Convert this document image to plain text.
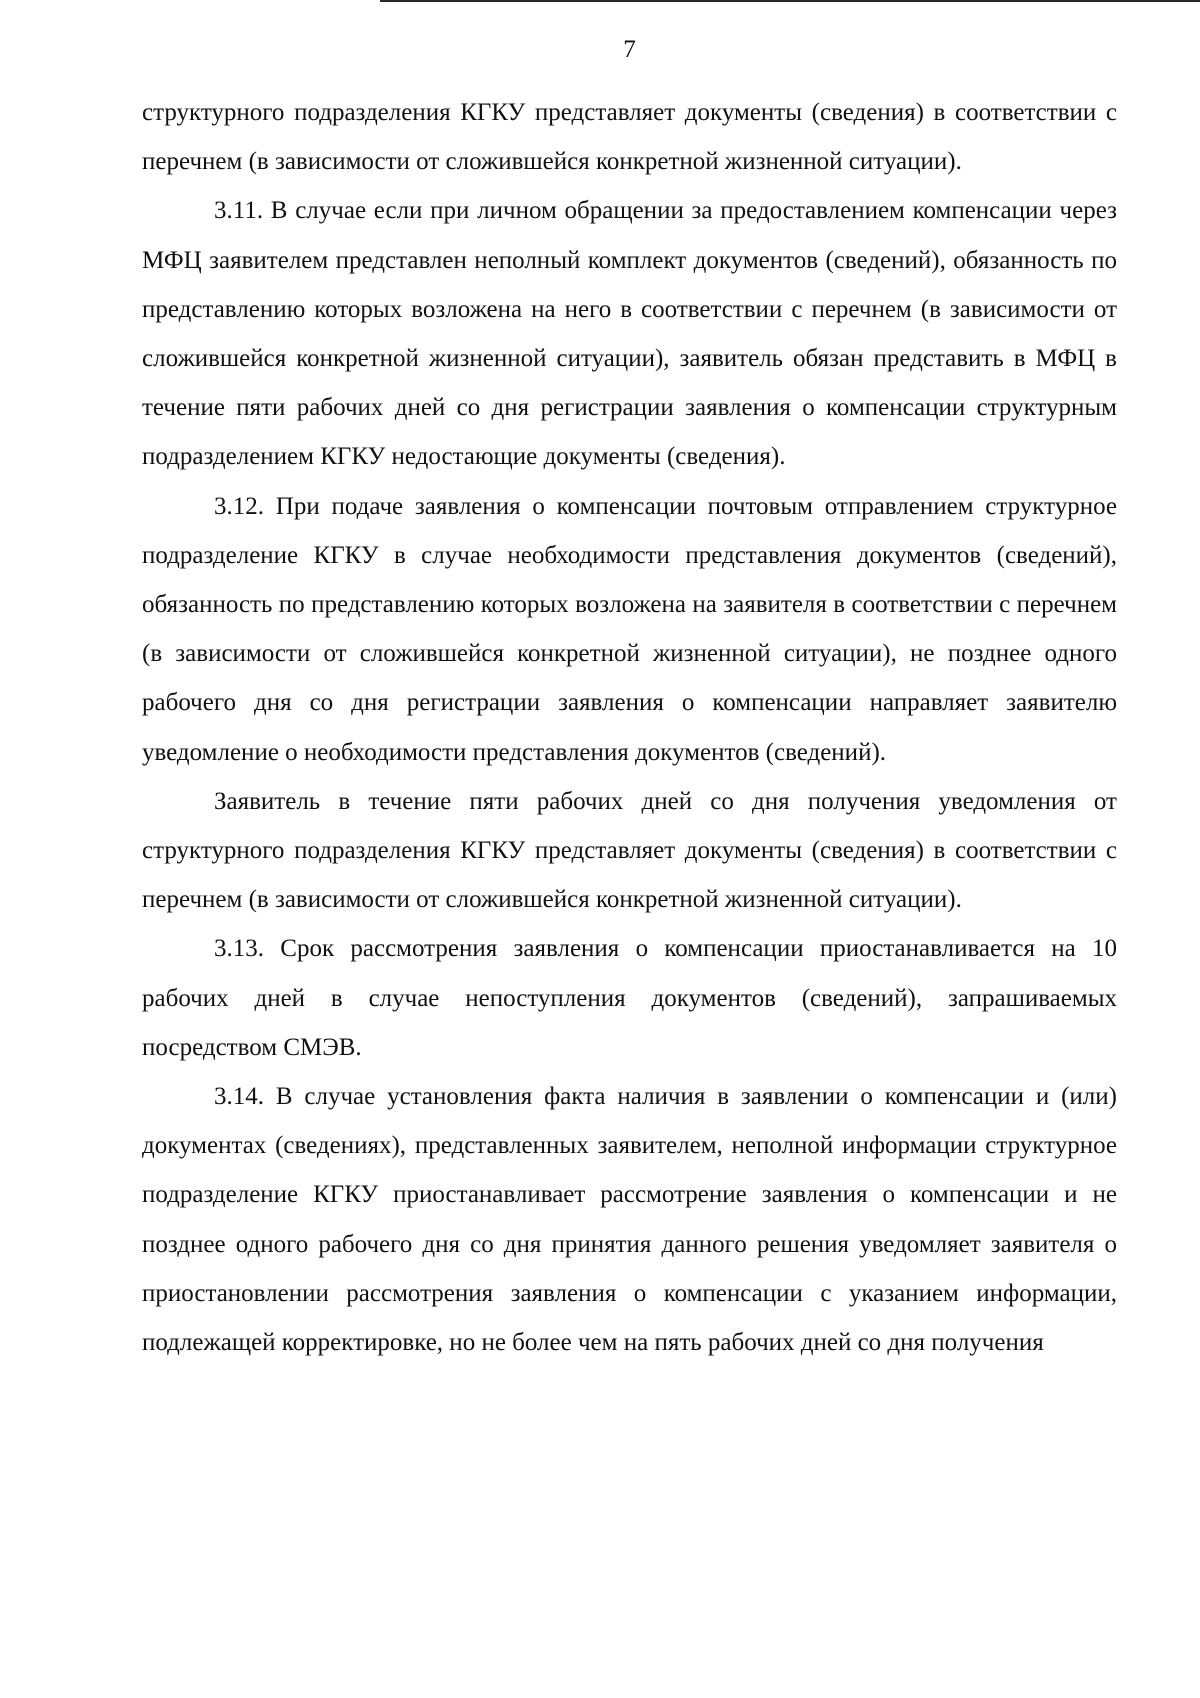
7

структурного подразделения КГКУ представляет документы (сведения) в соответствии с перечнем (в зависимости от сложившейся конкретной жизненной ситуации).

3.11. В случае если при личном обращении за предоставлением компенсации через МФЦ заявителем представлен неполный комплект документов (сведений), обязанность по представлению которых возложена на него в соответствии с перечнем (в зависимости от сложившейся конкретной жизненной ситуации), заявитель обязан представить в МФЦ в течение пяти рабочих дней со дня регистрации заявления о компенсации структурным подразделением КГКУ недостающие документы (сведения).

3.12. При подаче заявления о компенсации почтовым отправлением структурное подразделение КГКУ в случае необходимости представления документов (сведений), обязанность по представлению которых возложена на заявителя в соответствии с перечнем (в зависимости от сложившейся конкретной жизненной ситуации), не позднее одного рабочего дня со дня регистрации заявления о компенсации направляет заявителю уведомление о необходимости представления документов (сведений).

Заявитель в течение пяти рабочих дней со дня получения уведомления от структурного подразделения КГКУ представляет документы (сведения) в соответствии с перечнем (в зависимости от сложившейся конкретной жизненной ситуации).

3.13. Срок рассмотрения заявления о компенсации приостанавливается на 10 рабочих дней в случае непоступления документов (сведений), запрашиваемых посредством СМЭВ.

3.14. В случае установления факта наличия в заявлении о компенсации и (или) документах (сведениях), представленных заявителем, неполной информации структурное подразделение КГКУ приостанавливает рассмотрение заявления о компенсации и не позднее одного рабочего дня со дня принятия данного решения уведомляет заявителя о приостановлении рассмотрения заявления о компенсации с указанием информации, подлежащей корректировке, но не более чем на пять рабочих дней со дня получения
